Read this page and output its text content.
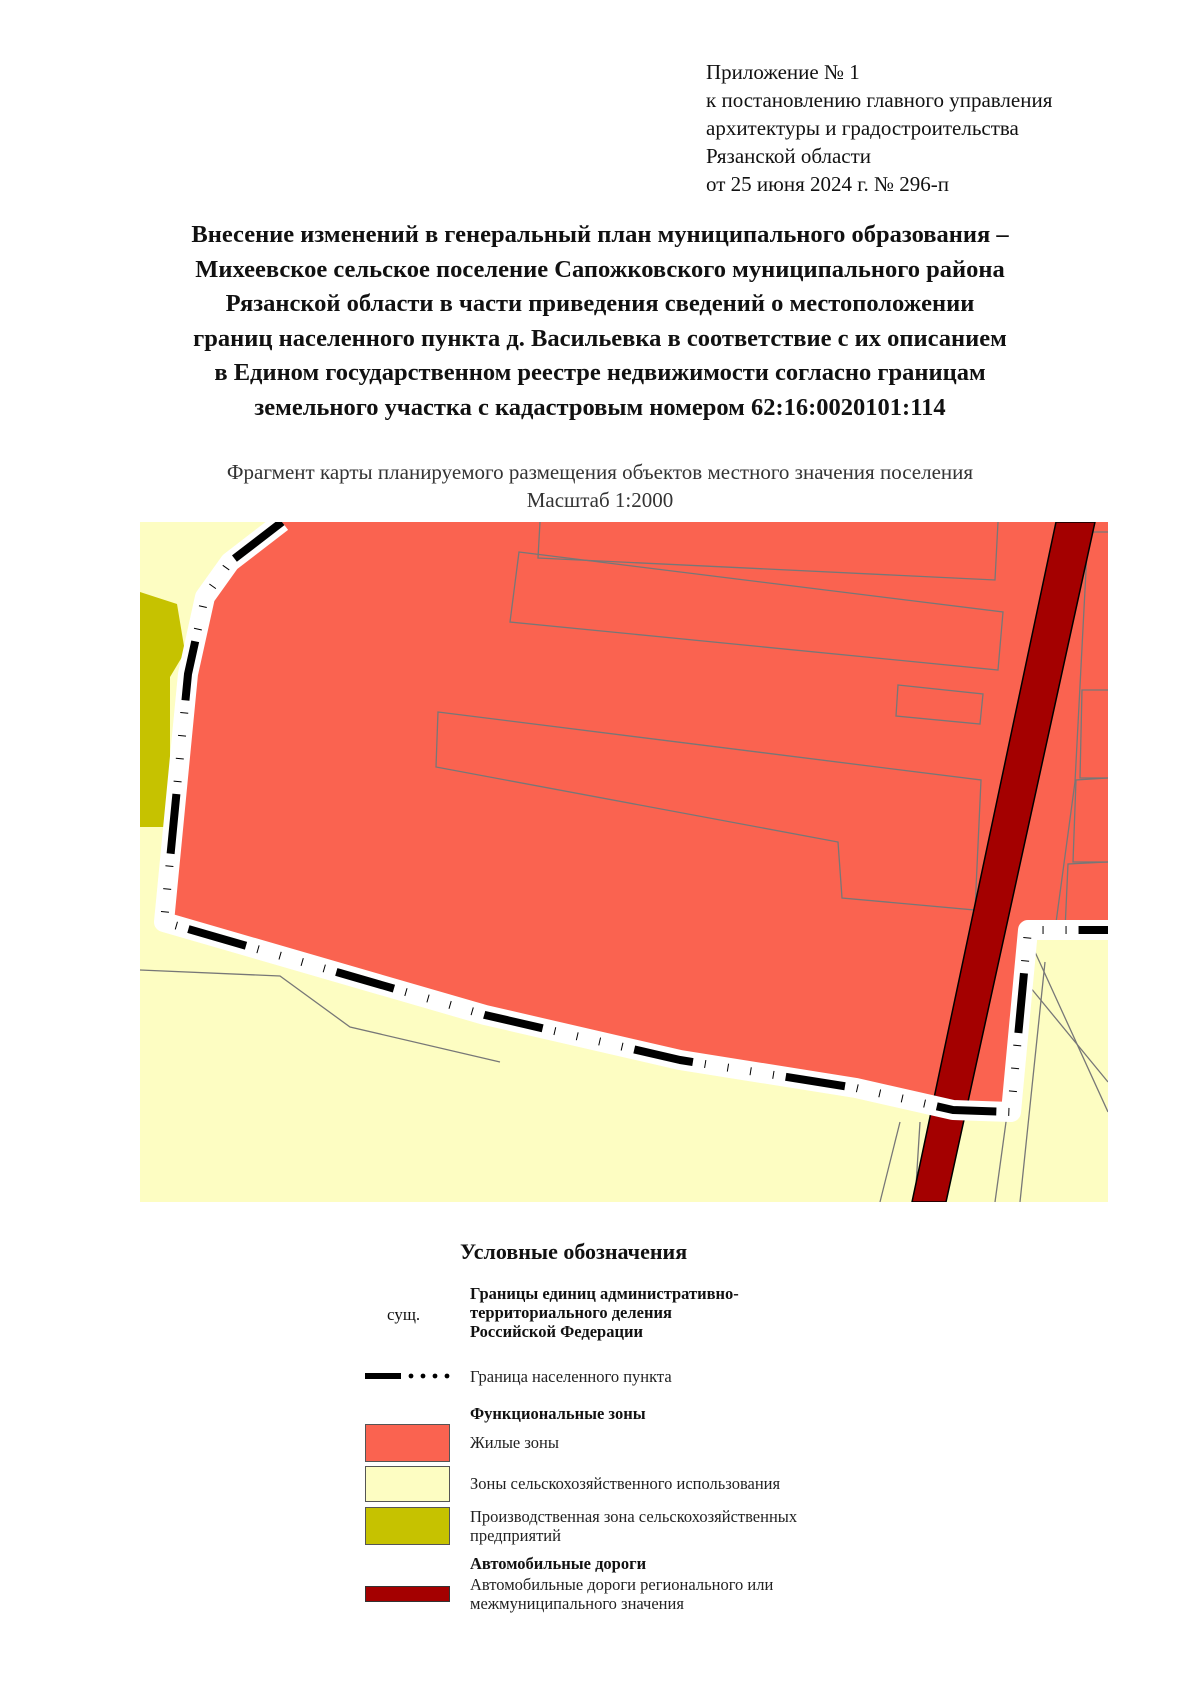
Приложение № 1
к постановлению главного управления
архитектуры и градостроительства
Рязанской области
от 25 июня 2024 г. № 296-п
Внесение изменений в генеральный план муниципального образования –
Михеевское сельское поселение Сапожковского муниципального района
Рязанской области в части приведения сведений о местоположении
границ населенного пункта д. Васильевка в соответствие с их описанием
в Едином государственном реестре недвижимости согласно границам
земельного участка с кадастровым номером 62:16:0020101:114
Фрагмент карты планируемого размещения объектов местного значения поселения
Масштаб 1:2000
Условные обозначения
сущ.
Границы единиц административно-
территориального деления
Российской Федерации
Граница населенного пункта
Функциональные зоны
Жилые зоны
Зоны сельскохозяйственного использования
Производственная зона сельскохозяйственных
предприятий
Автомобильные дороги
Автомобильные дороги регионального или
межмуниципального значения
